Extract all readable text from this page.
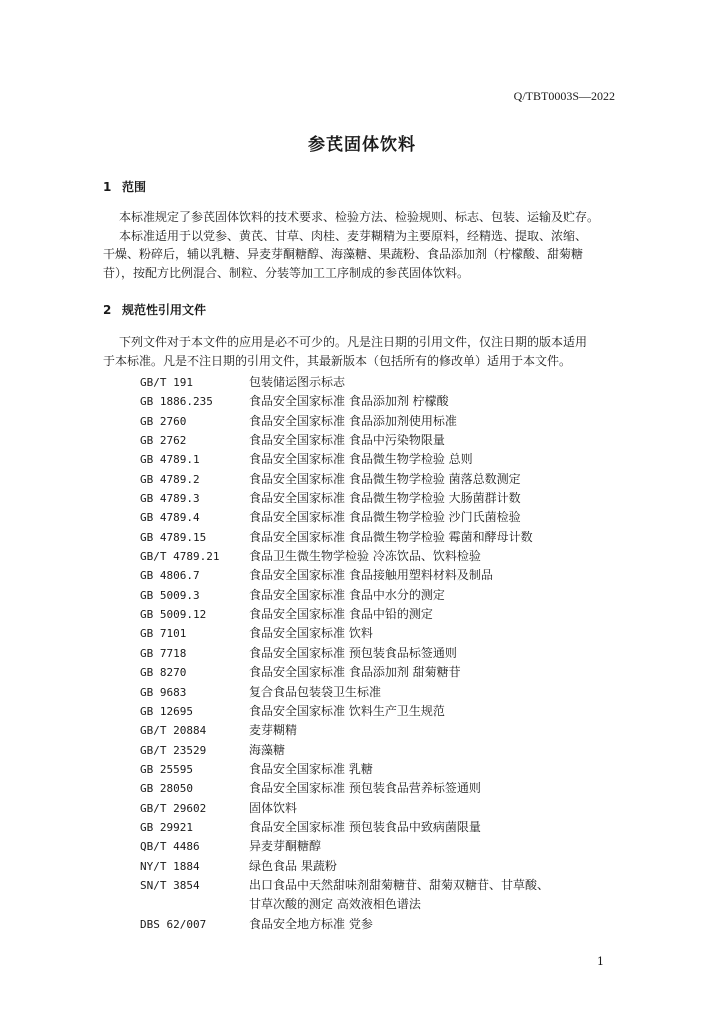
Q/TBT0003S—2022
参芪固体饮料
1 范围
本标准规定了参芪固体饮料的技术要求、检验方法、检验规则、标志、包装、运输及贮存。
本标准适用于以党参、黄芪、甘草、肉桂、麦芽糊精为主要原料，经精选、提取、浓缩、
干燥、粉碎后，辅以乳糖、异麦芽酮糖醇、海藻糖、果蔬粉、食品添加剂（柠檬酸、甜菊糖
苷），按配方比例混合、制粒、分装等加工工序制成的参芪固体饮料。
2 规范性引用文件
下列文件对于本文件的应用是必不可少的。凡是注日期的引用文件，仅注日期的版本适用
于本标准。凡是不注日期的引用文件，其最新版本（包括所有的修改单）适用于本文件。
GB/T 191	包装储运图示标志
GB 1886.235	食品安全国家标准 食品添加剂 柠檬酸
GB 2760	食品安全国家标准 食品添加剂使用标准
GB 2762	食品安全国家标准 食品中污染物限量
GB 4789.1	食品安全国家标准 食品微生物学检验 总则
GB 4789.2	食品安全国家标准 食品微生物学检验 菌落总数测定
GB 4789.3	食品安全国家标准 食品微生物学检验 大肠菌群计数
GB 4789.4	食品安全国家标准 食品微生物学检验 沙门氏菌检验
GB 4789.15	食品安全国家标准 食品微生物学检验 霉菌和酵母计数
GB/T 4789.21 食品卫生微生物学检验 冷冻饮品、饮料检验
GB 4806.7	食品安全国家标准 食品接触用塑料材料及制品
GB 5009.3	食品安全国家标准 食品中水分的测定
GB 5009.12	食品安全国家标准 食品中铅的测定
GB 7101	食品安全国家标准 饮料
GB 7718	食品安全国家标准 预包装食品标签通则
GB 8270	食品安全国家标准 食品添加剂 甜菊糖苷
GB 9683	复合食品包装袋卫生标准
GB 12695	食品安全国家标准 饮料生产卫生规范
GB/T 20884	麦芽糊精
GB/T 23529	海藻糖
GB 25595	食品安全国家标准 乳糖
GB 28050	食品安全国家标准 预包装食品营养标签通则
GB/T 29602	固体饮料
GB 29921	食品安全国家标准 预包装食品中致病菌限量
QB/T 4486	异麦芽酮糖醇
NY/T 1884	绿色食品 果蔬粉
SN/T 3854	出口食品中天然甜味剂甜菊糖苷、甜菊双糖苷、甘草酸、
甘草次酸的测定 高效液相色谱法
DBS 62/007	食品安全地方标准 党参
1
